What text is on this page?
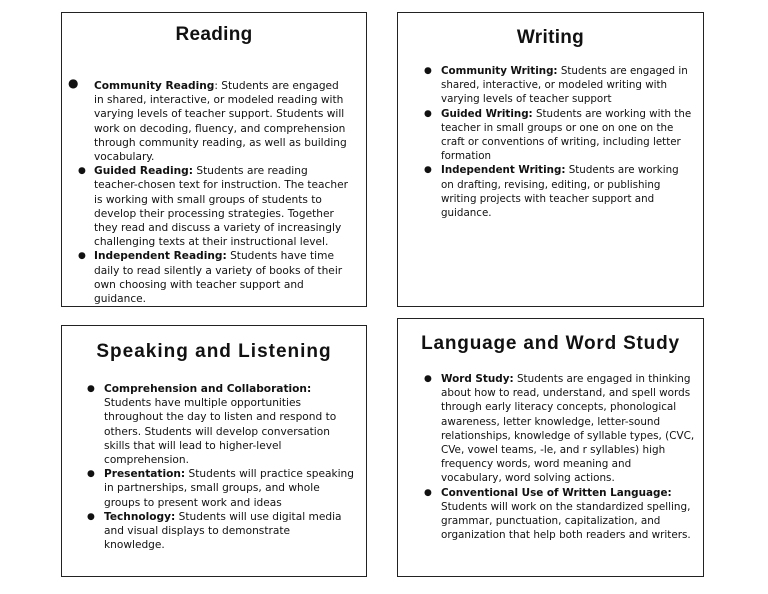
Reading
● Community Reading: Students are engaged in shared, interactive, or modeled reading with varying levels of teacher support. Students will work on decoding, fluency, and comprehension through community reading, as well as building vocabulary.
● Guided Reading: Students are reading teacher-chosen text for instruction. The teacher is working with small groups of students to develop their processing strategies. Together they read and discuss a variety of increasingly challenging texts at their instructional level.
● Independent Reading: Students have time daily to read silently a variety of books of their own choosing with teacher support and guidance.
Writing
● Community Writing: Students are engaged in shared, interactive, or modeled writing with varying levels of teacher support
● Guided Writing: Students are working with the teacher in small groups or one on one on the craft or conventions of writing, including letter formation
● Independent Writing: Students are working on drafting, revising, editing, or publishing writing projects with teacher support and guidance.
Speaking and Listening
● Comprehension and Collaboration: Students have multiple opportunities throughout the day to listen and respond to others. Students will develop conversation skills that will lead to higher-level comprehension.
● Presentation: Students will practice speaking in partnerships, small groups, and whole groups to present work and ideas
● Technology: Students will use digital media and visual displays to demonstrate knowledge.
Language and Word Study
● Word Study: Students are engaged in thinking about how to read, understand, and spell words through early literacy concepts, phonological awareness, letter knowledge, letter-sound relationships, knowledge of syllable types, (CVC, CVe, vowel teams, -le, and r syllables) high frequency words, word meaning and vocabulary, word solving actions.
● Conventional Use of Written Language: Students will work on the standardized spelling, grammar, punctuation, capitalization, and organization that help both readers and writers.
